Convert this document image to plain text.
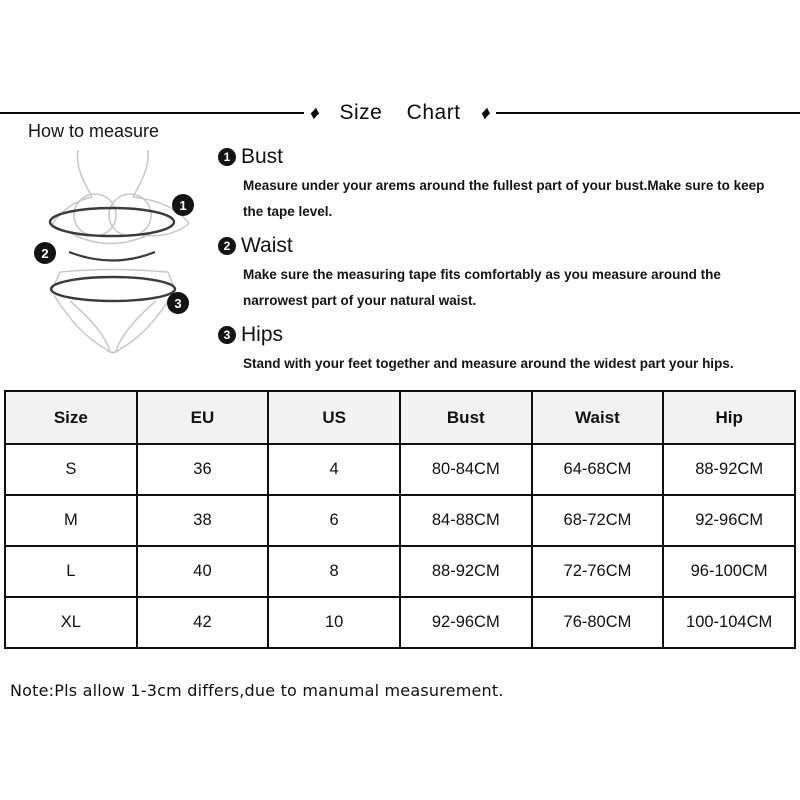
♦ Size Chart ♦
How to measure
1
2
3
1 Bust

Measure under your arems around the fullest part of your bust.Make sure to keep the tape level.

2 Waist

Make sure the measuring tape fits comfortably as you measure around the narrowest part of your natural waist.

3 Hips

Stand with your feet together and measure around the widest part your hips.

Size	EU	US	Bust	Waist	Hip
S	36	4	80-84CM	64-68CM	88-92CM
M	38	6	84-88CM	68-72CM	92-96CM
L	40	8	88-92CM	72-76CM	96-100CM
XL	42	10	92-96CM	76-80CM	100-104CM
Note:Pls allow 1-3cm differs,due to manumal measurement.
